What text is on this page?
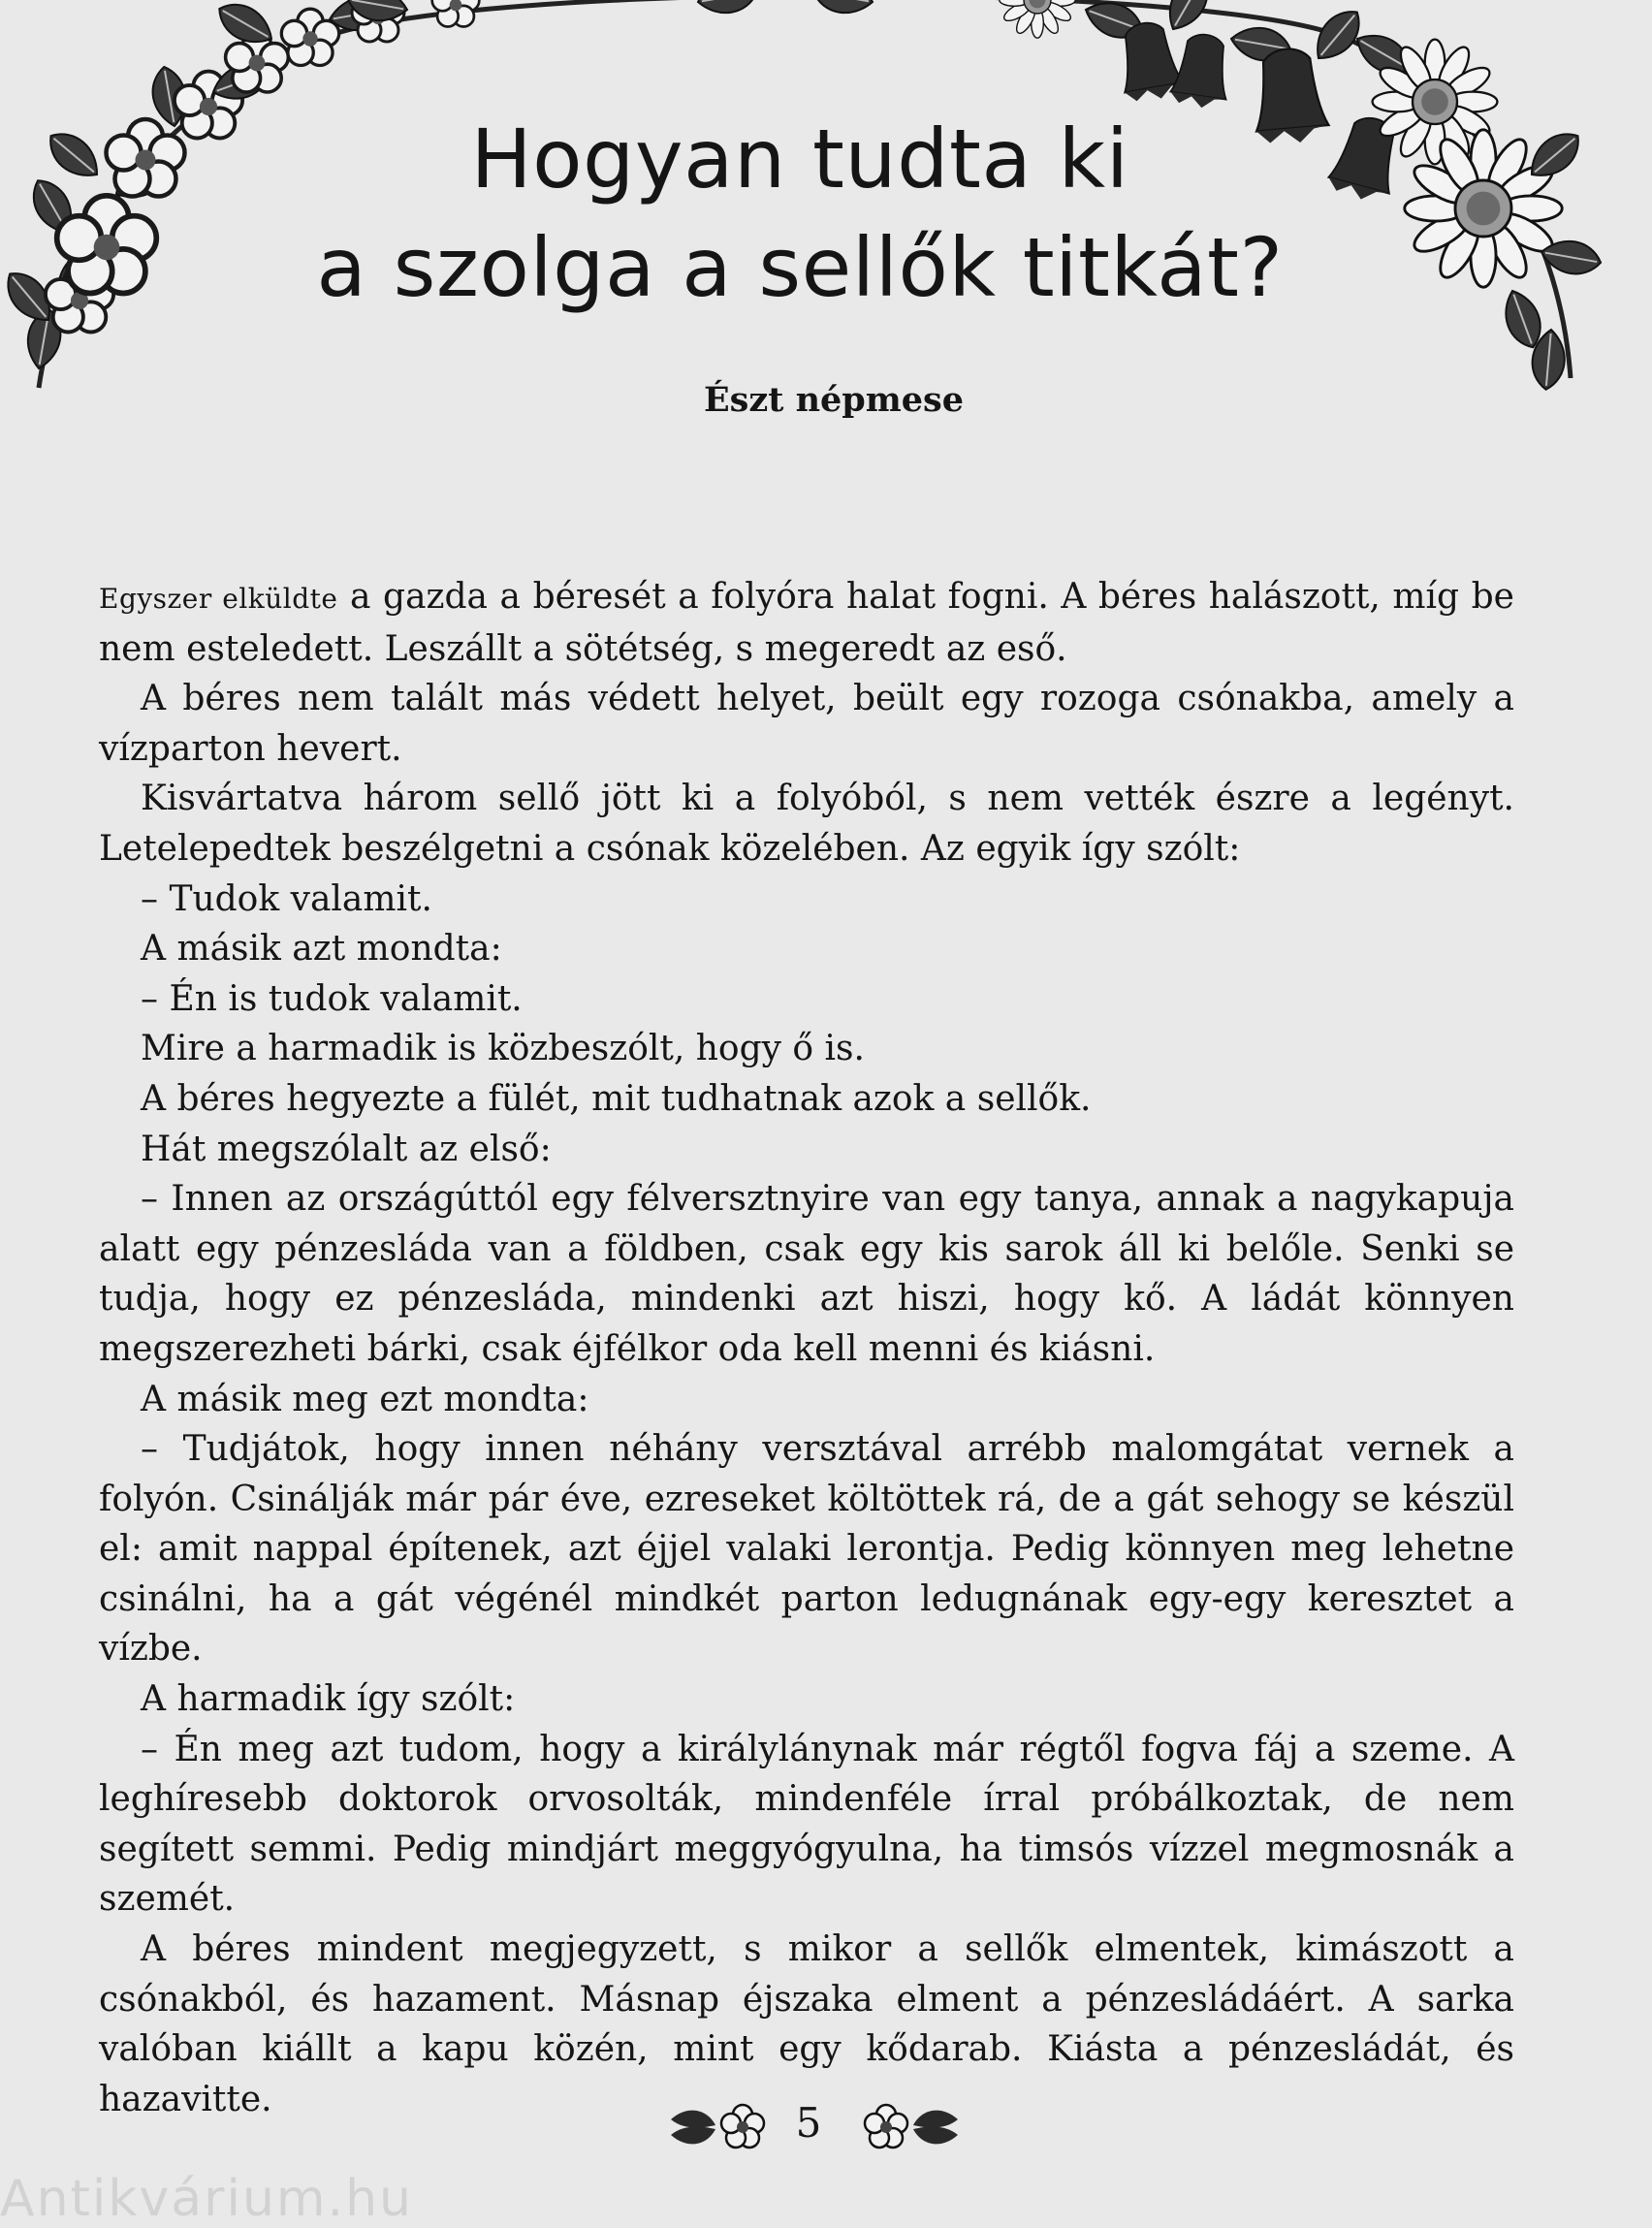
Hogyan tudta ki
a szolga a sellők titkát?
Észt népmese

Egyszer elküldte a gazda a béresét a folyóra halat fogni. A béres halászott, míg be nem esteledett. Leszállt a sötétség, s megeredt az eső.

A béres nem talált más védett helyet, beült egy rozoga csónakba, amely a vízparton hevert.

Kisvártatva három sellő jött ki a folyóból, s nem vették észre a legényt. Letelepedtek beszélgetni a csónak közelében. Az egyik így szólt:

– Tudok valamit.

A másik azt mondta:

– Én is tudok valamit.

Mire a harmadik is közbeszólt, hogy ő is.

A béres hegyezte a fülét, mit tudhatnak azok a sellők.

Hát megszólalt az első:

– Innen az országúttól egy félversztnyire van egy tanya, annak a nagykapuja alatt egy pénzesláda van a földben, csak egy kis sarok áll ki belőle. Senki se tudja, hogy ez pénzesláda, mindenki azt hiszi, hogy kő. A ládát könnyen megszerezheti bárki, csak éjfélkor oda kell menni és kiásni.

A másik meg ezt mondta:

– Tudjátok, hogy innen néhány versztával arrébb malomgátat vernek a folyón. Csinálják már pár éve, ezreseket költöttek rá, de a gát sehogy se készül el: amit nappal építenek, azt éjjel valaki lerontja. Pedig könnyen meg lehetne csinálni, ha a gát végénél mindkét parton ledugnának egy-egy keresztet a vízbe.

A harmadik így szólt:

– Én meg azt tudom, hogy a királylánynak már régtől fogva fáj a szeme. A leghíresebb doktorok orvosolták, mindenféle írral próbálkoztak, de nem segített semmi. Pedig mindjárt meggyógyulna, ha timsós vízzel megmosnák a szemét.

A béres mindent megjegyzett, s mikor a sellők elmentek, kimászott a csónakból, és hazament. Másnap éjszaka elment a pénzesládáért. A sarka valóban kiállt a kapu közén, mint egy kődarab. Kiásta a pénzesládát, és hazavitte.	5
Antikvárium.hu
